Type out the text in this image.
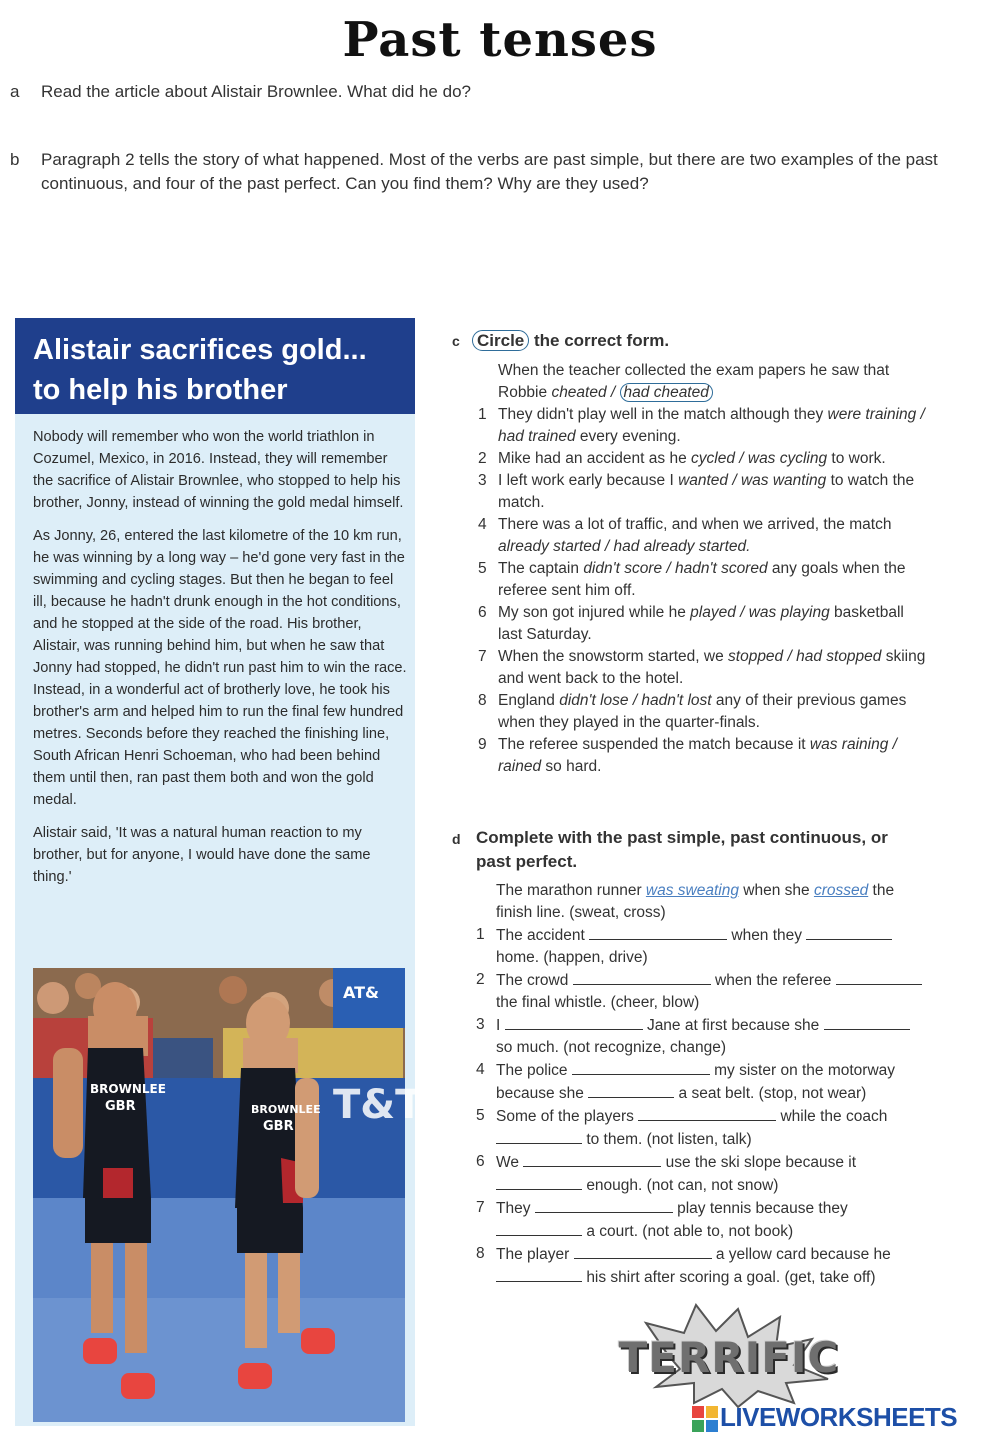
Past tenses
a Read the article about Alistair Brownlee. What did he do?
b Paragraph 2 tells the story of what happened. Most of the verbs are past simple, but there are two examples of the past continuous, and four of the past perfect. Can you find them? Why are they used?
Alistair sacrifices gold...
to help his brother

Nobody will remember who won the world triathlon in Cozumel, Mexico, in 2016. Instead, they will remember the sacrifice of Alistair Brownlee, who stopped to help his brother, Jonny, instead of winning the gold medal himself.

As Jonny, 26, entered the last kilometre of the 10 km run, he was winning by a long way – he'd gone very fast in the swimming and cycling stages. But then he began to feel ill, because he hadn't drunk enough in the hot conditions, and he stopped at the side of the road. His brother, Alistair, was running behind him, but when he saw that Jonny had stopped, he didn't run past him to win the race. Instead, in a wonderful act of brotherly love, he took his brother's arm and helped him to run the final few hundred metres. Seconds before they reached the finishing line, South African Henri Schoeman, who had been behind them until then, ran past them both and won the gold medal.

Alistair said, 'It was a natural human reaction to my brother, but for anyone, I would have done the same thing.'

AT&
T&T
BROWNLEE
GBR	BROWNLEE
GBR
c Circle the correct form.
When the teacher collected the exam papers he saw that Robbie cheated / had cheated
1 They didn't play well in the match although they were training / had trained every evening.
2 Mike had an accident as he cycled / was cycling to work.
3 I left work early because I wanted / was wanting to watch the match.
4 There was a lot of traffic, and when we arrived, the match already started / had already started.
5 The captain didn't score / hadn't scored any goals when the referee sent him off.
6 My son got injured while he played / was playing basketball last Saturday.
7 When the snowstorm started, we stopped / had stopped skiing and went back to the hotel.
8 England didn't lose / hadn't lost any of their previous games when they played in the quarter-finals.
9 The referee suspended the match because it was raining / rained so hard.
d Complete with the past simple, past continuous, or past perfect.
The marathon runner was sweating when she crossed the finish line. (sweat, cross)
1 The accident	when they  home. (happen, drive)
2 The crowd	when the referee  the final whistle. (cheer, blow)
3 I	Jane at first because she  so much. (not recognize, change)
4 The police	my sister on the motorway because she	a seat belt. (stop, not wear)
5 Some of the players	while the coach  to them. (not listen, talk)
6 We	use the ski slope because it  enough. (not can, not snow)
7 They	play tennis because they  a court. (not able to, not book)
8 The player	a yellow card because he  his shirt after scoring a goal. (get, take off)
TERRIFIC
LIVEWORKSHEETS
